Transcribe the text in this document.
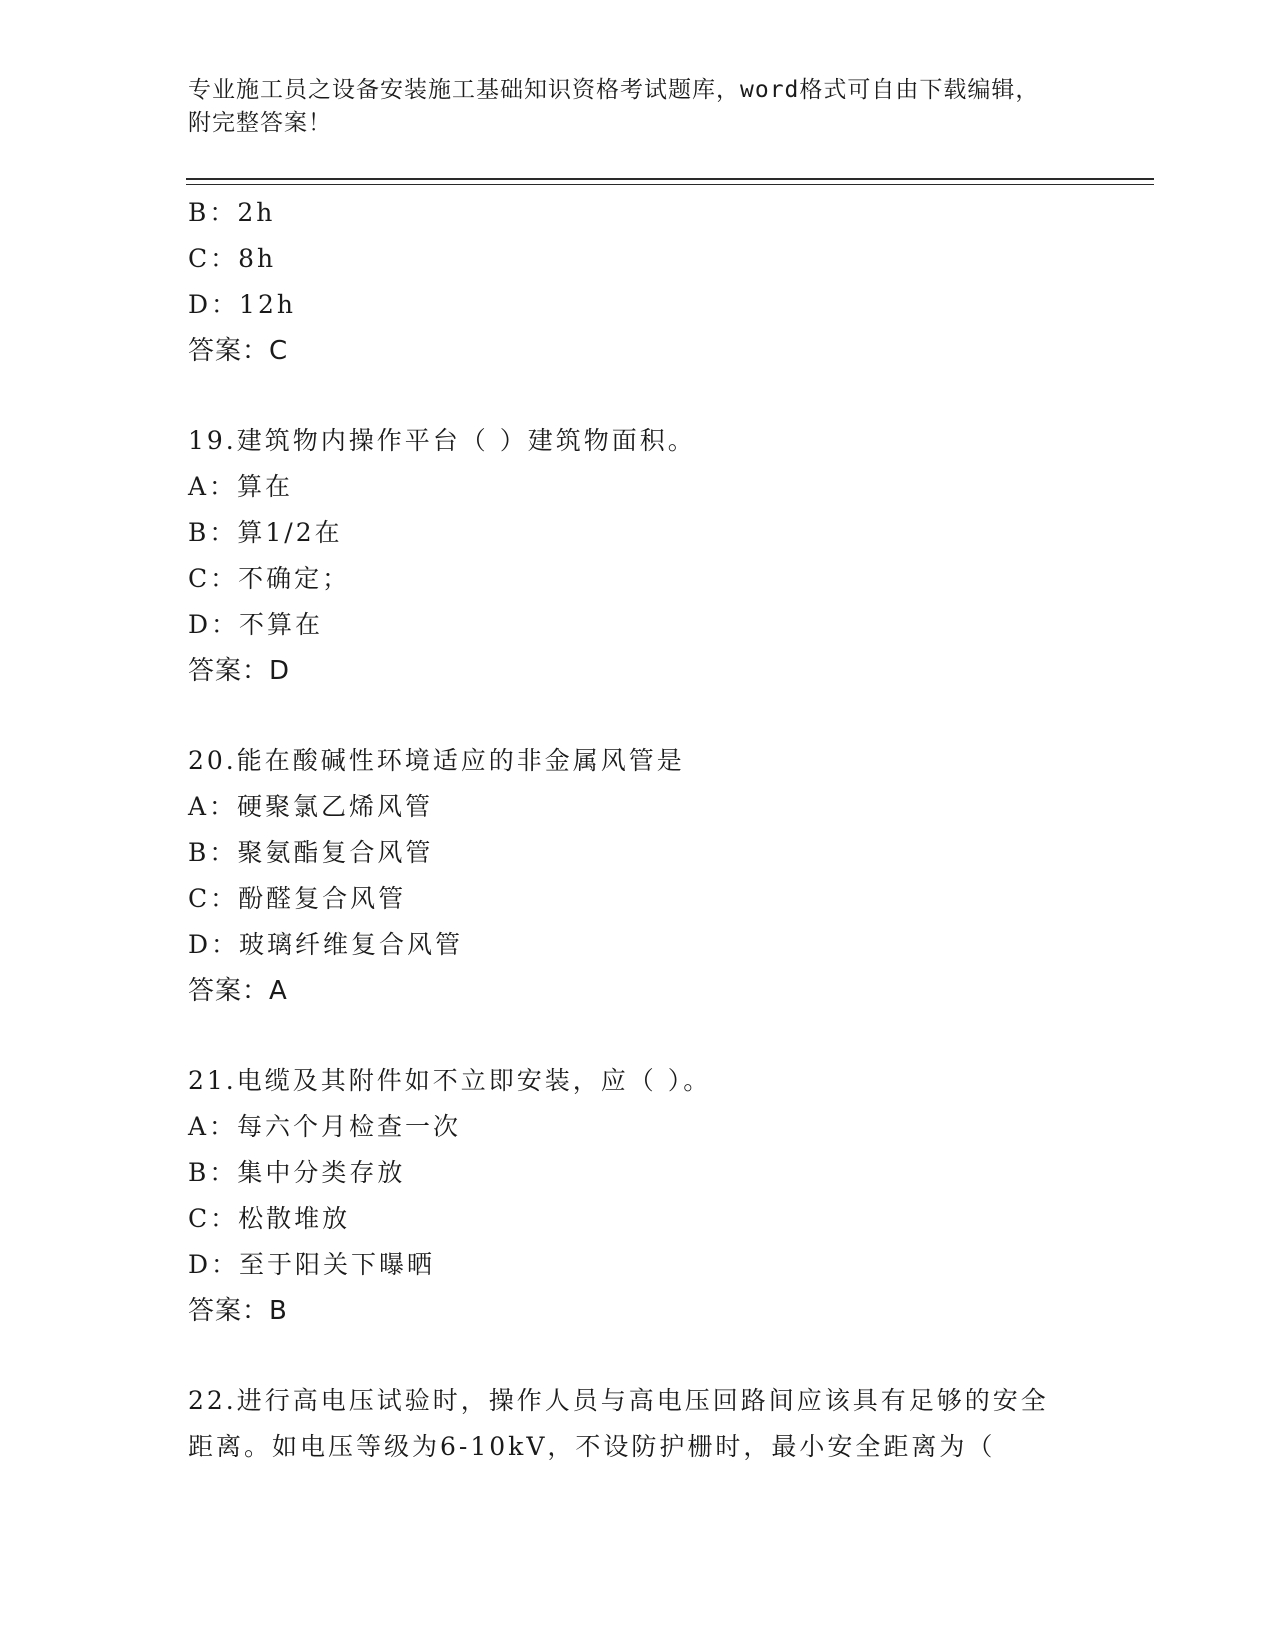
专业施工员之设备安装施工基础知识资格考试题库，word格式可自由下载编辑，
附完整答案！
B：2h
C：8h
D：12h
答案：C
19.建筑物内操作平台（ ）建筑物面积。
A：算在
B：算1/2在
C：不确定；
D：不算在
答案：D
20.能在酸碱性环境适应的非金属风管是
A：硬聚氯乙烯风管
B：聚氨酯复合风管
C：酚醛复合风管
D：玻璃纤维复合风管
答案：A
21.电缆及其附件如不立即安装，应（ ）。
A：每六个月检查一次
B：集中分类存放
C：松散堆放
D：至于阳关下曝晒
答案：B
22.进行高电压试验时，操作人员与高电压回路间应该具有足够的安全
距离。如电压等级为6-10kV，不设防护栅时，最小安全距离为（
